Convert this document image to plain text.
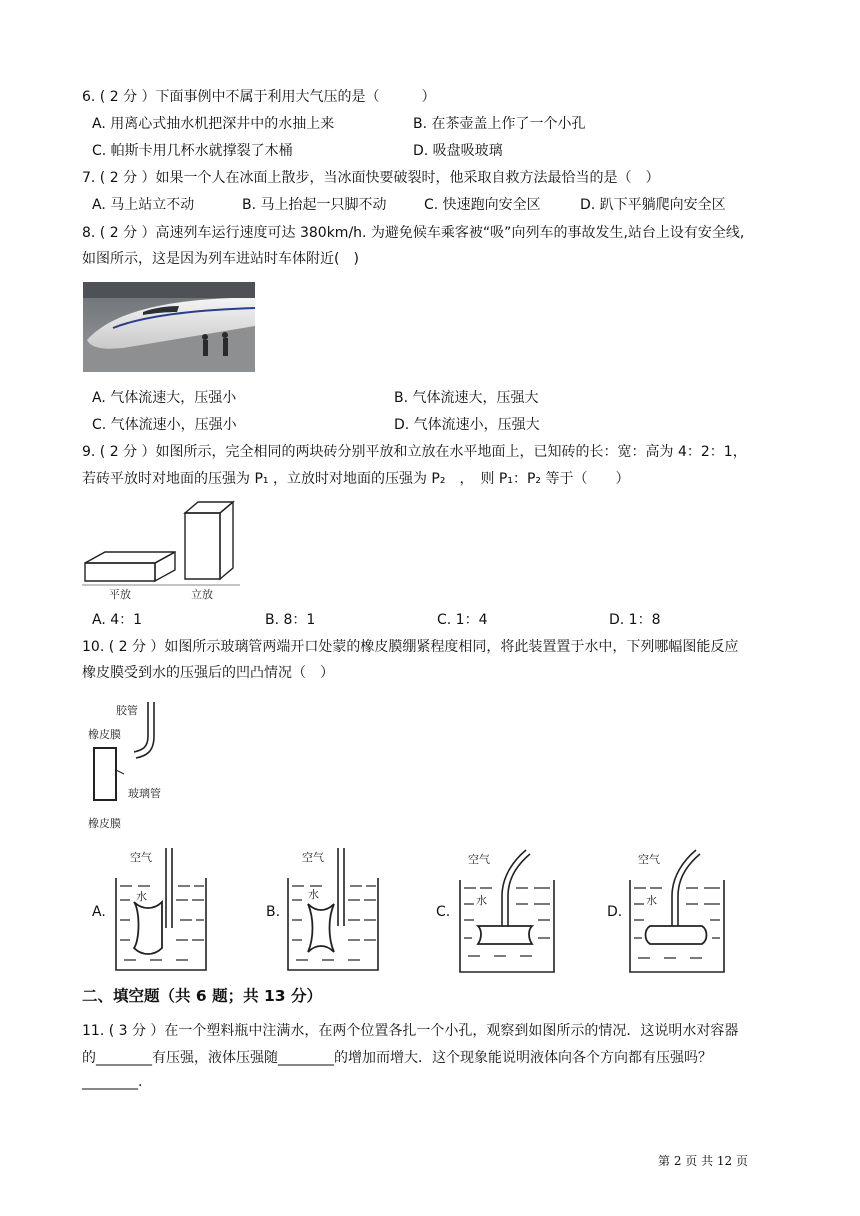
6. ( 2 分 ）下面事例中不属于利用大气压的是（　　　）
A. 用离心式抽水机把深井中的水抽上来	B. 在茶壶盖上作了一个小孔
C. 帕斯卡用几杯水就撑裂了木桶	D. 吸盘吸玻璃
7. ( 2 分 ）如果一个人在冰面上散步，当冰面快要破裂时，他采取自救方法最恰当的是（　）
A. 马上站立不动	B. 马上抬起一只脚不动	C. 快速跑向安全区	D. 趴下平躺爬向安全区
8. ( 2 分 ）高速列车运行速度可达 380km/h. 为避免候车乘客被“吸”向列车的事故发生,站台上设有安全线,
如图所示，这是因为列车进站时车体附近(　)
A. 气体流速大，压强小	B. 气体流速大，压强大
C. 气体流速小，压强小	D. 气体流速小，压强大
9. ( 2 分 ）如图所示，完全相同的两块砖分别平放和立放在水平地面上，已知砖的长：宽：高为 4：2：1，
若砖平放时对地面的压强为 P₁ ，立放时对地面的压强为 P₂　，　则 P₁：P₂ 等于（　　）
平放	立放
A. 4：1	B. 8：1	C. 1：4	D. 1：8
10. ( 2 分 ）如图所示玻璃管两端开口处蒙的橡皮膜绷紧程度相同，将此装置置于水中，下列哪幅图能反应
橡皮膜受到水的压强后的凹凸情况（　）
胶管
橡皮膜
玻璃管
橡皮膜
A.
空气
水
B.
空气
水
C.
空气
水
D.
空气
水
二、填空题（共 6 题；共 13 分）
11. ( 3 分 ）在一个塑料瓶中注满水，在两个位置各扎一个小孔，观察到如图所示的情况．这说明水对容器
的________有压强，液体压强随________的增加而增大．这个现象能说明液体向各个方向都有压强吗？
________.
第 2 页 共 12 页
